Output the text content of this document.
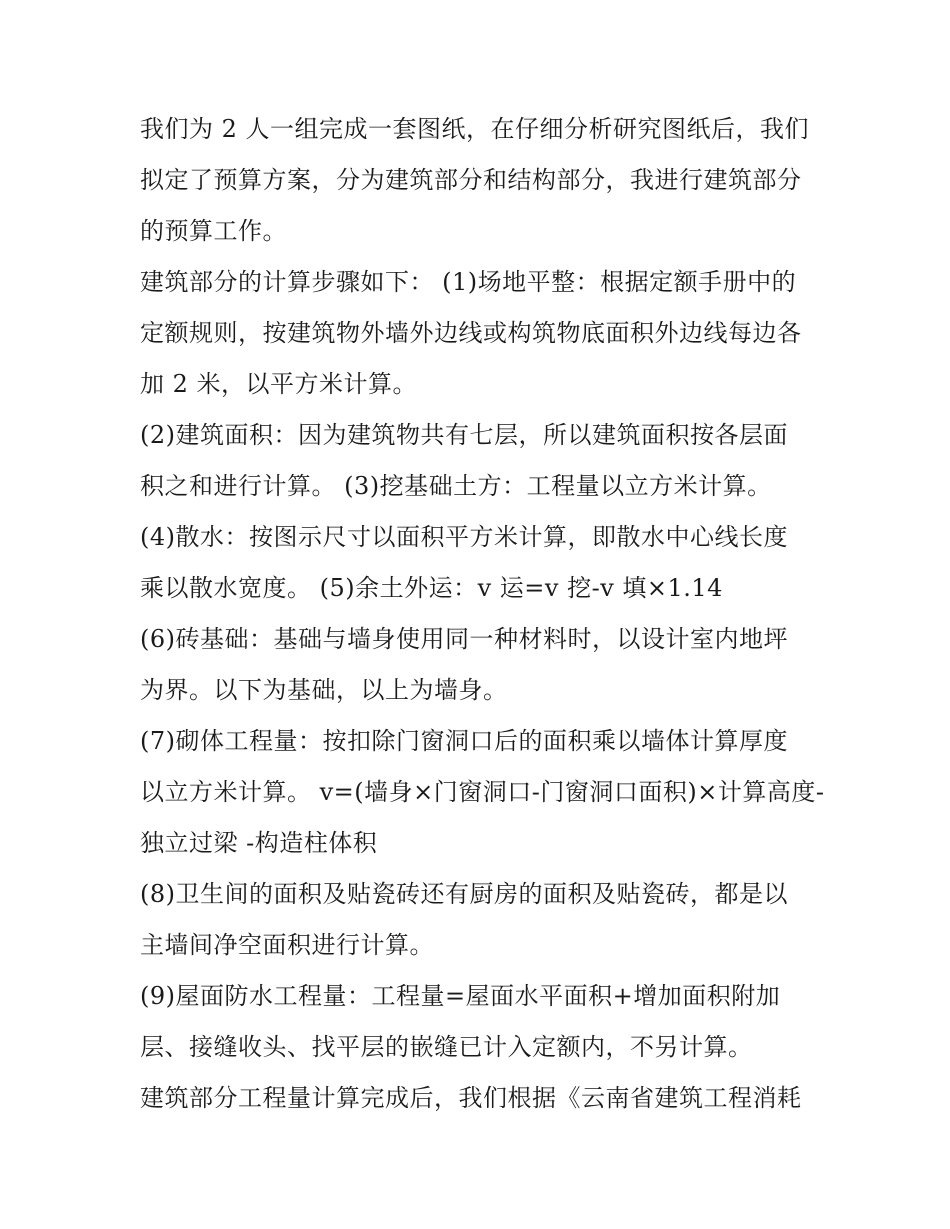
我们为 2 人一组完成一套图纸，在仔细分析研究图纸后，我们
拟定了预算方案，分为建筑部分和结构部分，我进行建筑部分
的预算工作。

建筑部分的计算步骤如下： (1)场地平整：根据定额手册中的
定额规则，按建筑物外墙外边线或构筑物底面积外边线每边各
加 2 米，以平方米计算。

(2)建筑面积：因为建筑物共有七层，所以建筑面积按各层面
积之和进行计算。 (3)挖基础土方：工程量以立方米计算。

(4)散水：按图示尺寸以面积平方米计算，即散水中心线长度
乘以散水宽度。 (5)余土外运：v 运=v 挖-v 填×1.14

(6)砖基础：基础与墙身使用同一种材料时，以设计室内地坪
为界。以下为基础，以上为墙身。

(7)砌体工程量：按扣除门窗洞口后的面积乘以墙体计算厚度
以立方米计算。 v=(墙身×门窗洞口-门窗洞口面积)×计算高度-
独立过梁 -构造柱体积

(8)卫生间的面积及贴瓷砖还有厨房的面积及贴瓷砖，都是以
主墙间净空面积进行计算。

(9)屋面防水工程量：工程量=屋面水平面积+增加面积附加
层、接缝收头、找平层的嵌缝已计入定额内，不另计算。

建筑部分工程量计算完成后，我们根据《云南省建筑工程消耗
